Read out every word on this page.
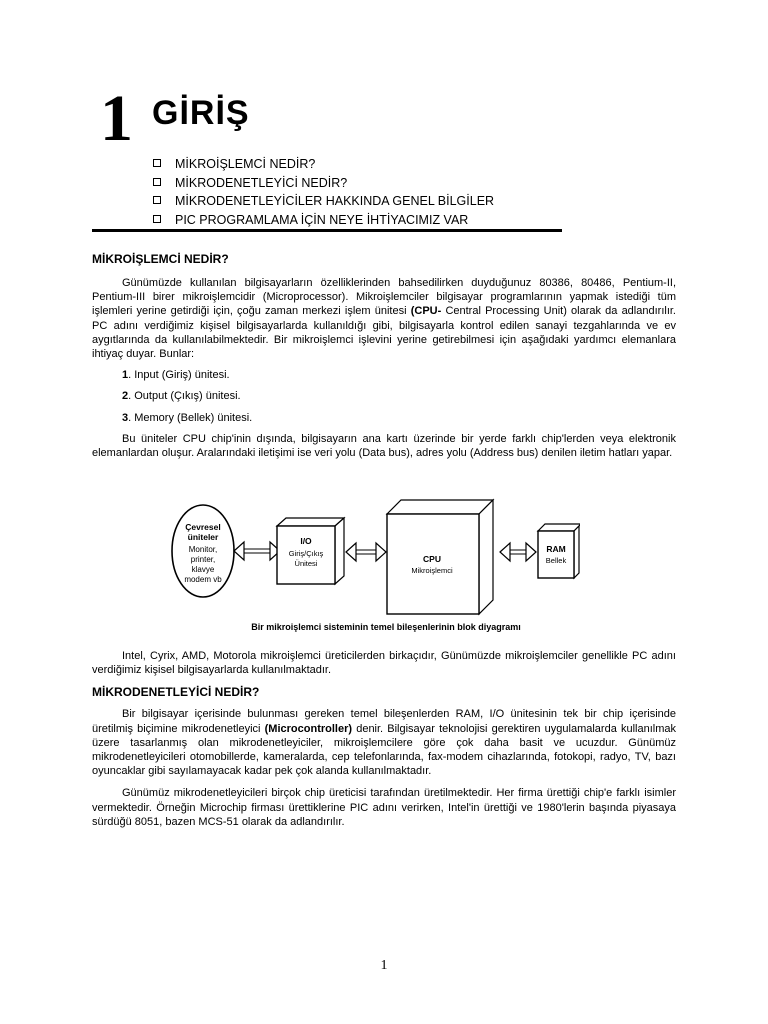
1 GİRİŞ
MİKROİŞLEMCİ NEDİR?
MİKRODENETLEYİCİ NEDİR?
MİKRODENETLEYİCİLER HAKKINDA GENEL BİLGİLER
PIC PROGRAMLAMA İÇİN NEYE İHTİYACIMIZ VAR
MİKROİŞLEMCİ NEDİR?

Günümüzde kullanılan bilgisayarların özelliklerinden bahsedilirken duyduğunuz 80386, 80486, Pentium-II, Pentium-III birer mikroişlemcidir (Microprocessor). Mikroişlemciler bilgisayar programlarının yapmak istediği tüm işlemleri yerine getirdiği için, çoğu zaman merkezi işlem ünitesi (CPU- Central Processing Unit) olarak da adlandırılır. PC adını verdiğimiz kişisel bilgisayarlarda kullanıldığı gibi, bilgisayarla kontrol edilen sanayi tezgahlarında ve ev aygıtlarında da kullanılabilmektedir. Bir mikroişlemci işlevini yerine getirebilmesi için aşağıdaki yardımcı elemanlara ihtiyaç duyar. Bunlar:

1. Input (Giriş) ünitesi.

2. Output (Çıkış) ünitesi.

3. Memory (Bellek) ünitesi.

Bu üniteler CPU chip'inin dışında, bilgisayarın ana kartı üzerinde bir yerde farklı chip'lerden veya elektronik elemanlardan oluşur. Aralarındaki iletişimi ise veri yolu (Data bus), adres yolu (Address bus) denilen iletim hatları yapar.

Çevresel
üniteler
Monitor,
printer,
klavye
modem vb
I/O
Giriş/Çıkış
Ünitesi	CPU
Mikroişlemci
RAM
Bellek
Bir mikroişlemci sisteminin temel bileşenlerinin blok diyagramı

Intel, Cyrix, AMD, Motorola mikroişlemci üreticilerden birkaçıdır, Günümüzde mikroişlemciler genellikle PC adını verdiğimiz kişisel bilgisayarlarda kullanılmaktadır.

MİKRODENETLEYİCİ NEDİR?

Bir bilgisayar içerisinde bulunması gereken temel bileşenlerden RAM, I/O ünitesinin tek bir chip içerisinde üretilmiş biçimine mikrodenetleyici (Microcontroller) denir. Bilgisayar teknolojisi gerektiren uygulamalarda kullanılmak üzere tasarlanmış olan mikrodenetleyiciler, mikroişlemcilere göre çok daha basit ve ucuzdur. Günümüz mikrodenetleyicileri otomobillerde, kameralarda, cep telefonlarında, fax-modem cihazlarında, fotokopi, radyo, TV, bazı oyuncaklar gibi sayılamayacak kadar pek çok alanda kullanılmaktadır.

Günümüz mikrodenetleyicileri birçok chip üreticisi tarafından üretilmektedir. Her firma ürettiği chip'e farklı isimler vermektedir. Örneğin Microchip firması ürettiklerine PIC adını verirken, Intel'in ürettiği ve 1980'lerin başında piyasaya sürdüğü 8051, bazen MCS-51 olarak da adlandırılır.

1
